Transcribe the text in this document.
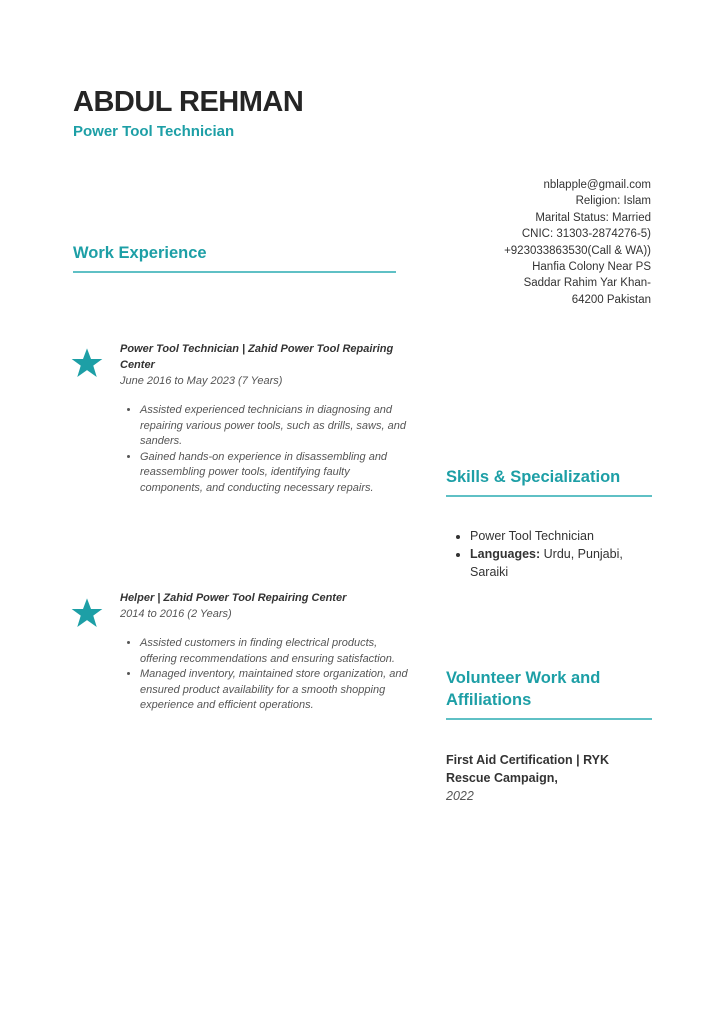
ABDUL REHMAN
Power Tool Technician
nblapple@gmail.com
Religion: Islam
Marital Status: Married
CNIC: 31303-2874276-5)
+923033863530(Call & WA))
Hanfia Colony Near PS
Saddar Rahim Yar Khan-
64200 Pakistan
Work Experience
Power Tool Technician | Zahid Power Tool Repairing Center
June 2016 to May 2023 (7 Years)
• Assisted experienced technicians in diagnosing and repairing various power tools, such as drills, saws, and sanders.
• Gained hands-on experience in disassembling and reassembling power tools, identifying faulty components, and conducting necessary repairs.
Helper | Zahid Power Tool Repairing Center
2014 to 2016 (2 Years)
• Assisted customers in finding electrical products, offering recommendations and ensuring satisfaction.
• Managed inventory, maintained store organization, and ensured product availability for a smooth shopping experience and efficient operations.
Skills & Specialization
• Power Tool Technician
• Languages: Urdu, Punjabi, Saraiki
Volunteer Work and Affiliations
First Aid Certification | RYK Rescue Campaign,
2022
